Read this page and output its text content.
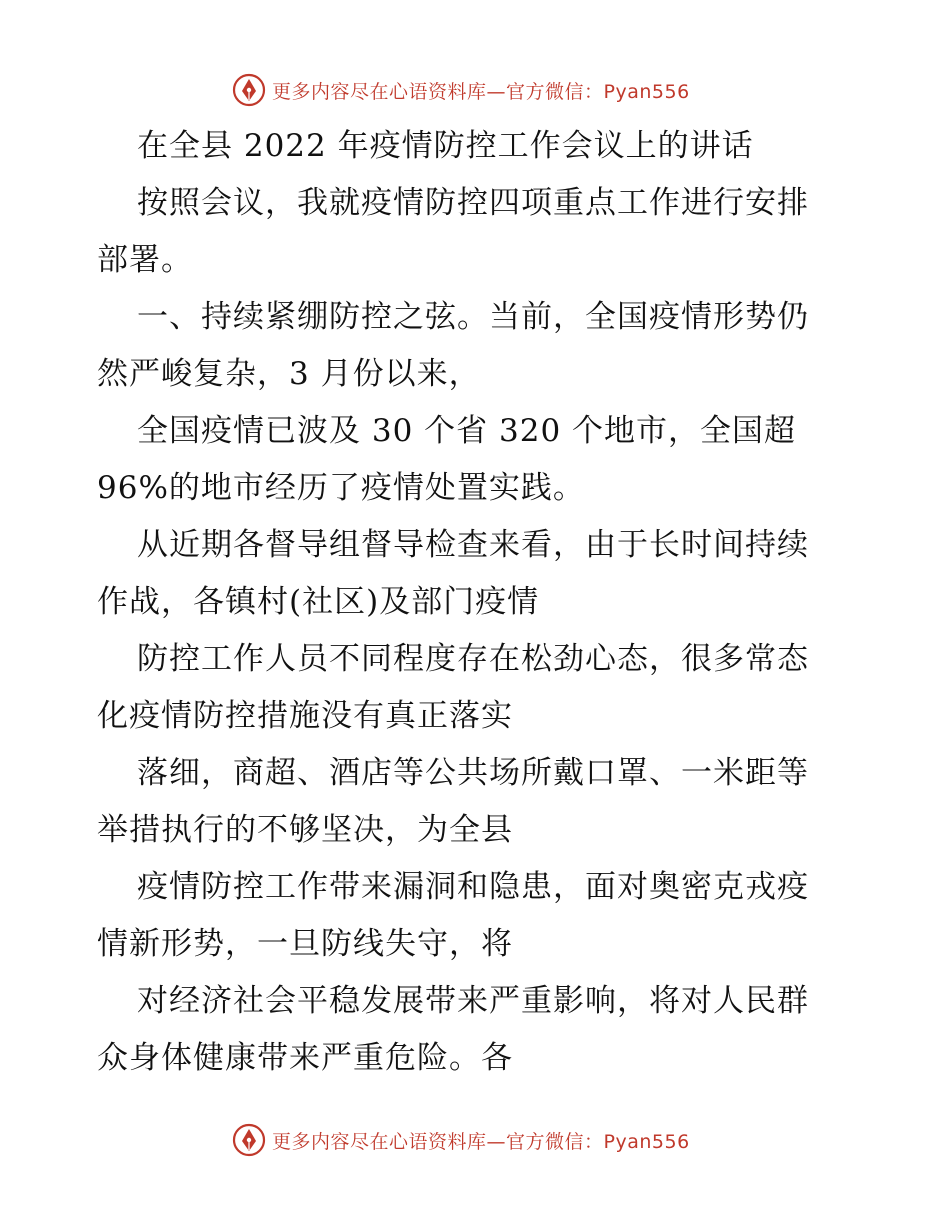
更多内容尽在心语资料库—官方微信：Pyan556
在全县 2022 年疫情防控工作会议上的讲话
按照会议，我就疫情防控四项重点工作进行安排
部署。
一、持续紧绷防控之弦。当前，全国疫情形势仍
然严峻复杂，3 月份以来，
全国疫情已波及 30 个省 320 个地市，全国超
96%的地市经历了疫情处置实践。
从近期各督导组督导检查来看，由于长时间持续
作战，各镇村(社区)及部门疫情
防控工作人员不同程度存在松劲心态，很多常态
化疫情防控措施没有真正落实
落细，商超、酒店等公共场所戴口罩、一米距等
举措执行的不够坚决，为全县
疫情防控工作带来漏洞和隐患，面对奥密克戎疫
情新形势，一旦防线失守，将
对经济社会平稳发展带来严重影响，将对人民群
众身体健康带来严重危险。各
更多内容尽在心语资料库—官方微信：Pyan556
